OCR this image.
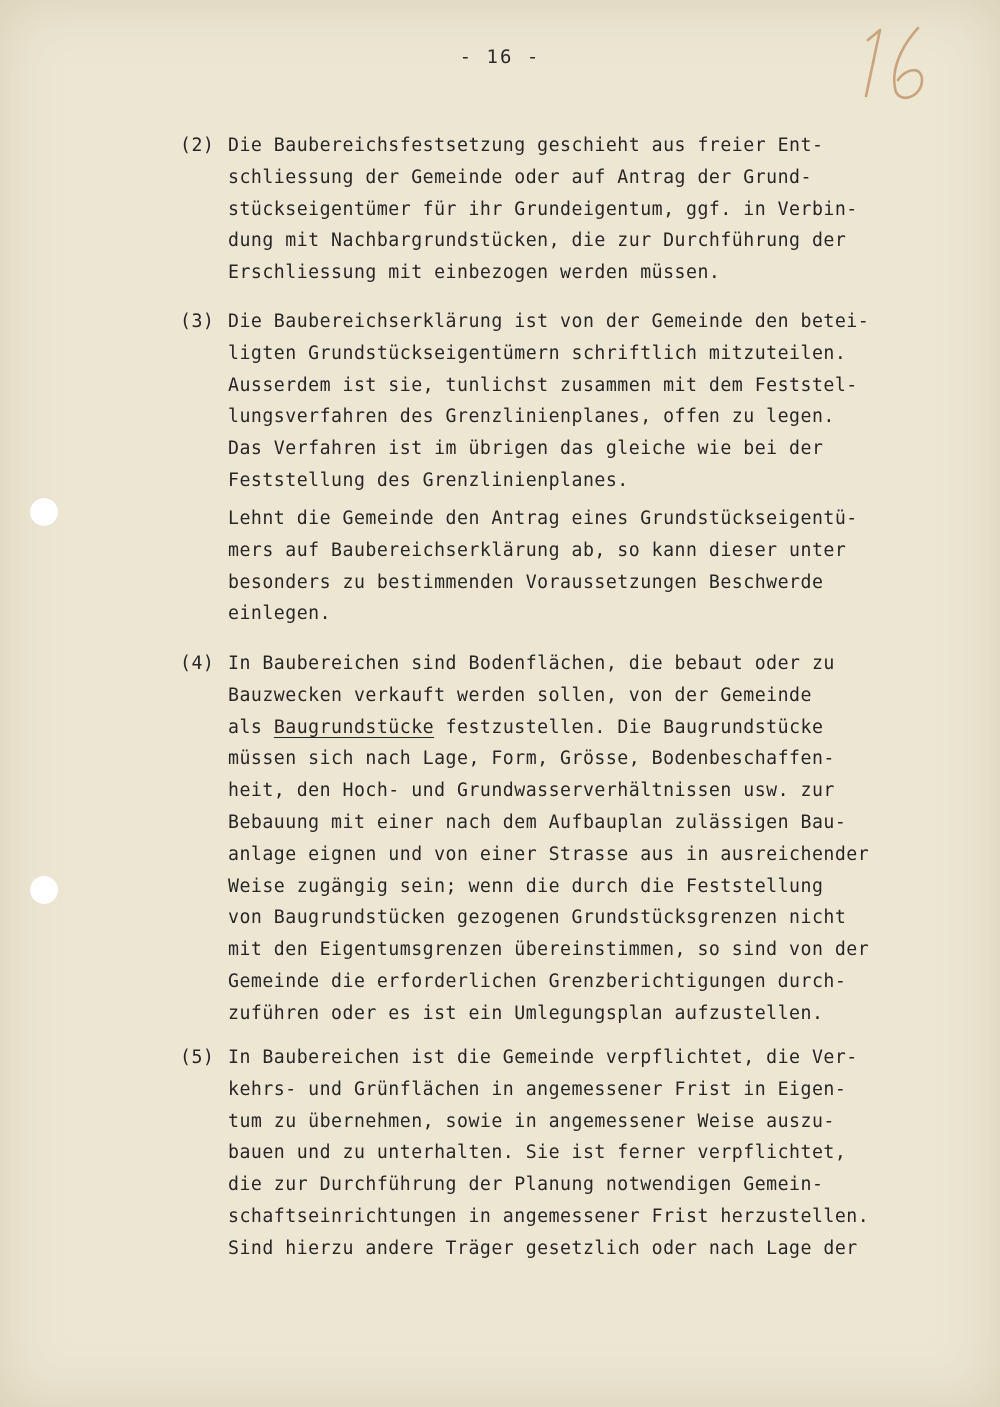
- 16 -
(2) Die Baubereichsfestsetzung geschieht aus freier Ent-
schliessung der Gemeinde oder auf Antrag der Grund-
stückseigentümer für ihr Grundeigentum, ggf. in Verbin-
dung mit Nachbargrundstücken, die zur Durchführung der
Erschliessung mit einbezogen werden müssen.
(3) Die Baubereichserklärung ist von der Gemeinde den betei-
ligten Grundstückseigentümern schriftlich mitzuteilen.
Ausserdem ist sie, tunlichst zusammen mit dem Feststel-
lungsverfahren des Grenzlinienplanes, offen zu legen.
Das Verfahren ist im übrigen das gleiche wie bei der
Feststellung des Grenzlinienplanes.
Lehnt die Gemeinde den Antrag eines Grundstückseigentü-
mers auf Baubereichserklärung ab, so kann dieser unter
besonders zu bestimmenden Voraussetzungen Beschwerde
einlegen.
(4) In Baubereichen sind Bodenflächen, die bebaut oder zu
Bauzwecken verkauft werden sollen, von der Gemeinde
als Baugrundstücke festzustellen. Die Baugrundstücke
müssen sich nach Lage, Form, Grösse, Bodenbeschaffen-
heit, den Hoch- und Grundwasserverhältnissen usw. zur
Bebauung mit einer nach dem Aufbauplan zulässigen Bau-
anlage eignen und von einer Strasse aus in ausreichender
Weise zugängig sein; wenn die durch die Feststellung
von Baugrundstücken gezogenen Grundstücksgrenzen nicht
mit den Eigentumsgrenzen übereinstimmen, so sind von der
Gemeinde die erforderlichen Grenzberichtigungen durch-
zuführen oder es ist ein Umlegungsplan aufzustellen.
(5) In Baubereichen ist die Gemeinde verpflichtet, die Ver-
kehrs- und Grünflächen in angemessener Frist in Eigen-
tum zu übernehmen, sowie in angemessener Weise auszu-
bauen und zu unterhalten. Sie ist ferner verpflichtet,
die zur Durchführung der Planung notwendigen Gemein-
schaftseinrichtungen in angemessener Frist herzustellen.
Sind hierzu andere Träger gesetzlich oder nach Lage der
